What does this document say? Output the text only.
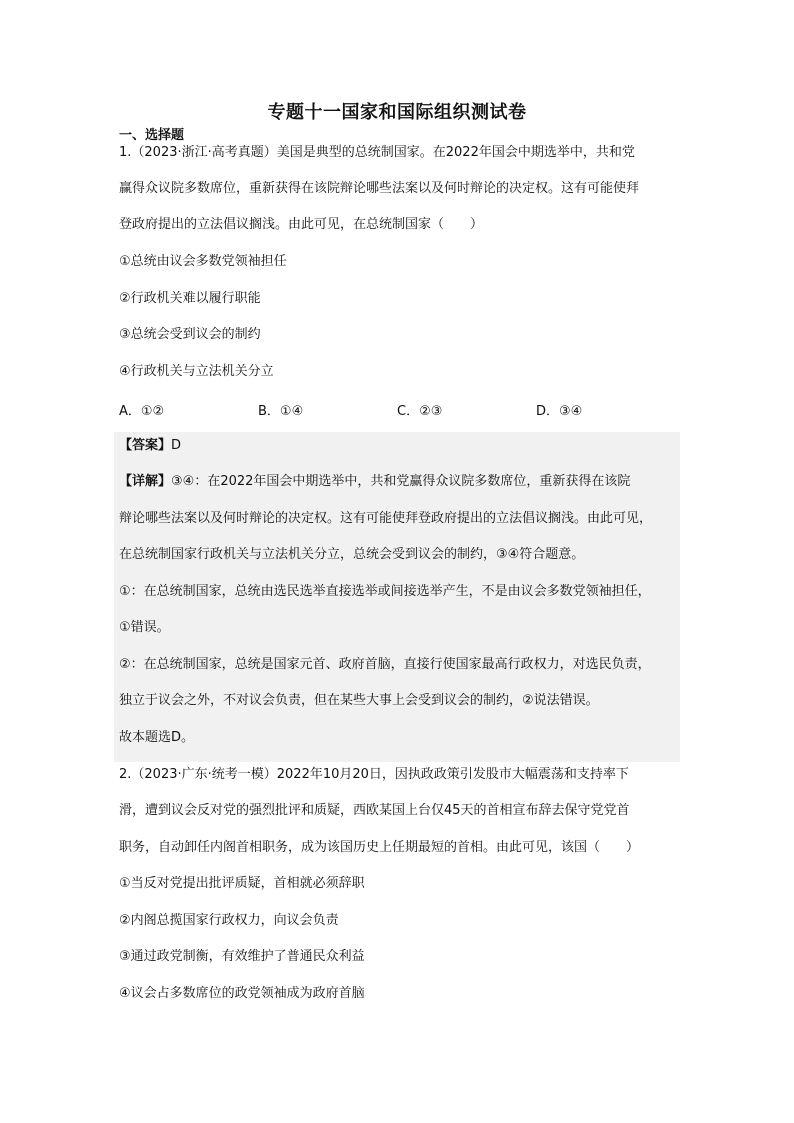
专题十一国家和国际组织测试卷
一、选择题
1.（2023·浙江·高考真题）美国是典型的总统制国家。在2022年国会中期选举中，共和党
赢得众议院多数席位，重新获得在该院辩论哪些法案以及何时辩论的决定权。这有可能使拜
登政府提出的立法倡议搁浅。由此可见，在总统制国家（　　）
①总统由议会多数党领袖担任
②行政机关难以履行职能
③总统会受到议会的制约
④行政机关与立法机关分立
A．①②	B．①④	C．②③	D．③④
【答案】D
【详解】③④：在2022年国会中期选举中，共和党赢得众议院多数席位，重新获得在该院
辩论哪些法案以及何时辩论的决定权。这有可能使拜登政府提出的立法倡议搁浅。由此可见，
在总统制国家行政机关与立法机关分立，总统会受到议会的制约，③④符合题意。
①：在总统制国家，总统由选民选举直接选举或间接选举产生，不是由议会多数党领袖担任，
①错误。
②：在总统制国家，总统是国家元首、政府首脑，直接行使国家最高行政权力，对选民负责，
独立于议会之外，不对议会负责，但在某些大事上会受到议会的制约，②说法错误。
故本题选D。
2.（2023·广东·统考一模）2022年10月20日，因执政政策引发股市大幅震荡和支持率下
滑，遭到议会反对党的强烈批评和质疑，西欧某国上台仅45天的首相宣布辞去保守党党首
职务，自动卸任内阁首相职务，成为该国历史上任期最短的首相。由此可见，该国（　　）
①当反对党提出批评质疑，首相就必须辞职
②内阁总揽国家行政权力，向议会负责
③通过政党制衡，有效维护了普通民众利益
④议会占多数席位的政党领袖成为政府首脑
